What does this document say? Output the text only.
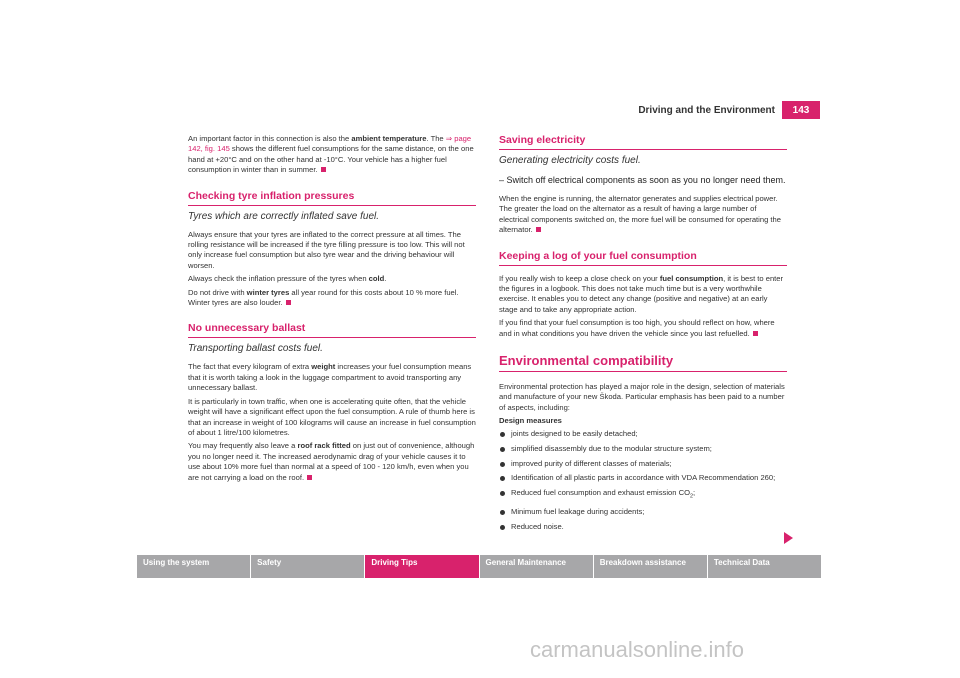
Driving and the Environment	143

An important factor in this connection is also the ambient temperature. The ⇒ page 142, fig. 145 shows the different fuel consumptions for the same distance, on the one hand at +20°C and on the other hand at -10°C. Your vehicle has a higher fuel consumption in winter than in summer.

Checking tyre inflation pressures
Tyres which are correctly inflated save fuel.

Always ensure that your tyres are inflated to the correct pressure at all times. The rolling resistance will be increased if the tyre filling pressure is too low. This will not only increase fuel consumption but also tyre wear and the driving behaviour will worsen.

Always check the inflation pressure of the tyres when cold.

Do not drive with winter tyres all year round for this costs about 10 % more fuel. Winter tyres are also louder.

No unnecessary ballast
Transporting ballast costs fuel.

The fact that every kilogram of extra weight increases your fuel consumption means that it is worth taking a look in the luggage compartment to avoid transporting any unnecessary ballast.

It is particularly in town traffic, when one is accelerating quite often, that the vehicle weight will have a significant effect upon the fuel consumption. A rule of thumb here is that an increase in weight of 100 kilograms will cause an increase in fuel consumption of about 1 litre/100 kilometres.

You may frequently also leave a roof rack fitted on just out of convenience, although you no longer need it. The increased aerodynamic drag of your vehicle causes it to use about 10% more fuel than normal at a speed of 100 - 120 km/h, even when you are not carrying a load on the roof.

Saving electricity
Generating electricity costs fuel.
– Switch off electrical components as soon as you no longer need them.

When the engine is running, the alternator generates and supplies electrical power. The greater the load on the alternator as a result of having a large number of electrical components switched on, the more fuel will be consumed for operating the alternator.

Keeping a log of your fuel consumption

If you really wish to keep a close check on your fuel consumption, it is best to enter the figures in a logbook. This does not take much time but is a very worthwhile exercise. It enables you to detect any change (positive and negative) at an early stage and to take any appropriate action.

If you find that your fuel consumption is too high, you should reflect on how, where and in what conditions you have driven the vehicle since you last refuelled.

Environmental compatibility

Environmental protection has played a major role in the design, selection of materials and manufacture of your new Škoda. Particular emphasis has been paid to a number of aspects, including:

Design measures

joints designed to be easily detached;
simplified disassembly due to the modular structure system;
improved purity of different classes of materials;
Identification of all plastic parts in accordance with VDA Recommendation 260;
Reduced fuel consumption and exhaust emission $CO_2$;
Minimum fuel leakage during accidents;
Reduced noise.
Using the system	Safety	Driving Tips	General Maintenance	Breakdown assistance	Technical Data
carmanualsonline.info
